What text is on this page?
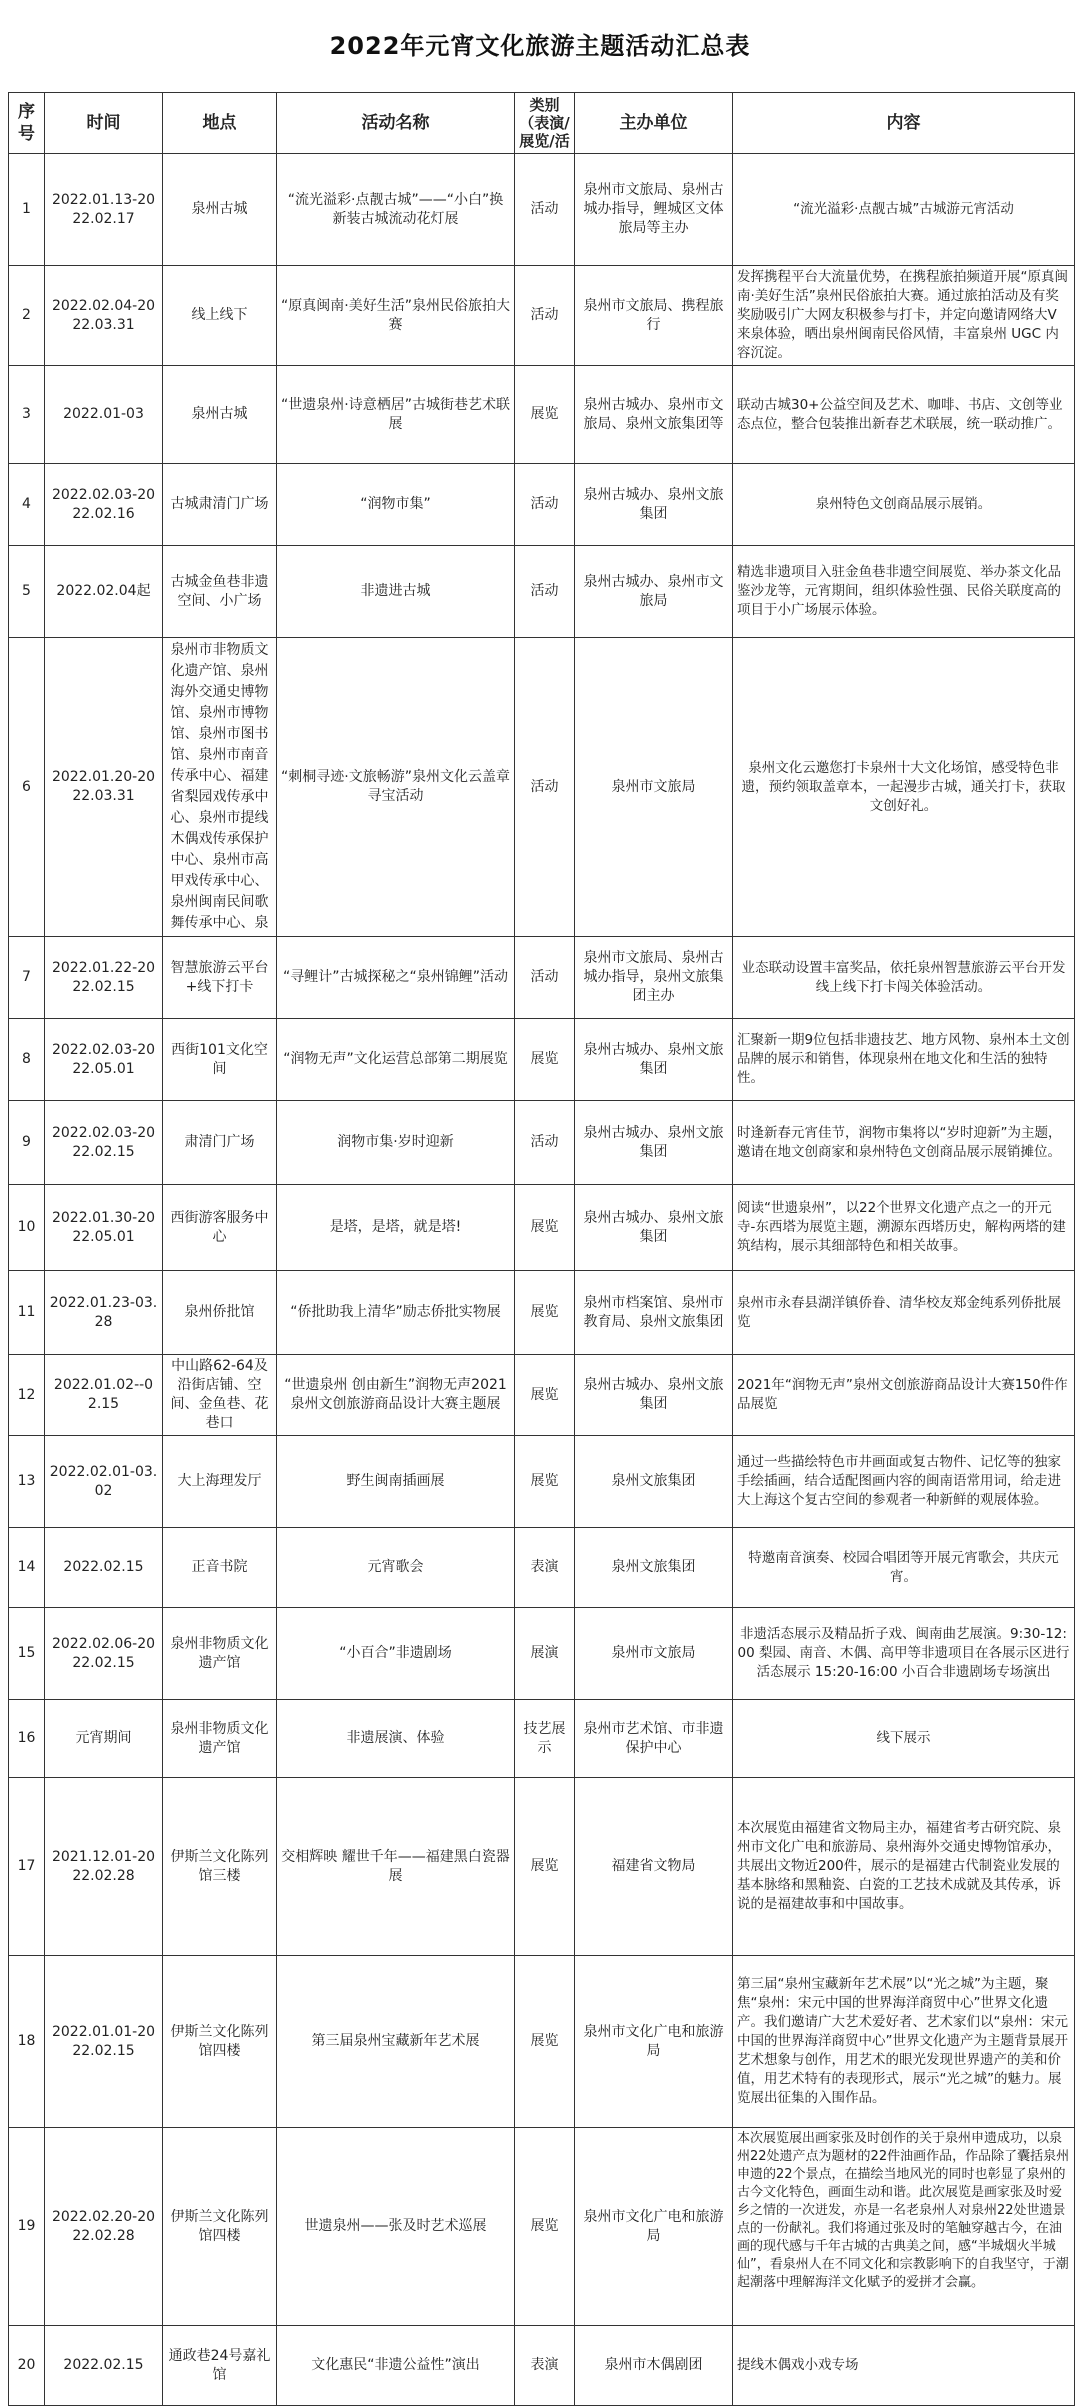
2022年元宵文化旅游主题活动汇总表
序号	时间	地点	活动名称	类别（表演/展览/活	主办单位	内容
1	2022.01.13-2022.02.17	泉州古城	“流光溢彩·点靓古城”——“小白”换新装古城流动花灯展	活动	泉州市文旅局、泉州古城办指导，鲤城区文体旅局等主办	“流光溢彩·点靓古城”古城游元宵活动
2	2022.02.04-2022.03.31	线上线下	“原真闽南·美好生活”泉州民俗旅拍大赛	活动	泉州市文旅局、携程旅行	发挥携程平台大流量优势，在携程旅拍频道开展“原真闽南·美好生活”泉州民俗旅拍大赛。通过旅拍活动及有奖奖励吸引广大网友积极参与打卡，并定向邀请网络大V来泉体验，晒出泉州闽南民俗风情，丰富泉州 UGC 内容沉淀。
3	2022.01-03	泉州古城	“世遗泉州·诗意栖居”古城街巷艺术联展	展览	泉州古城办、泉州市文旅局、泉州文旅集团等	联动古城30+公益空间及艺术、咖啡、书店、文创等业态点位，整合包装推出新春艺术联展，统一联动推广。
4	2022.02.03-2022.02.16	古城肃清门广场	“润物市集”	活动	泉州古城办、泉州文旅集团	泉州特色文创商品展示展销。
5	2022.02.04起	古城金鱼巷非遗空间、小广场	非遗进古城	活动	泉州古城办、泉州市文旅局	精选非遗项目入驻金鱼巷非遗空间展览、举办茶文化品鉴沙龙等，元宵期间，组织体验性强、民俗关联度高的项目于小广场展示体验。
6	2022.01.20-2022.03.31	泉州市非物质文化遗产馆、泉州海外交通史博物馆、泉州市博物馆、泉州市图书馆、泉州市南音传承中心、福建省梨园戏传承中心、泉州市提线木偶戏传承保护中心、泉州市高甲戏传承中心、泉州闽南民间歌舞传承中心、泉	“刺桐寻迹·文旅畅游”泉州文化云盖章寻宝活动	活动	泉州市文旅局	泉州文化云邀您打卡泉州十大文化场馆，感受特色非遗，预约领取盖章本，一起漫步古城，通关打卡，获取文创好礼。
7	2022.01.22-2022.02.15	智慧旅游云平台+线下打卡	“寻鲤计”古城探秘之“泉州锦鲤”活动	活动	泉州市文旅局、泉州古城办指导，泉州文旅集团主办	业态联动设置丰富奖品，依托泉州智慧旅游云平台开发线上线下打卡闯关体验活动。
8	2022.02.03-2022.05.01	西街101文化空间	“润物无声”文化运营总部第二期展览	展览	泉州古城办、泉州文旅集团	汇聚新一期9位包括非遗技艺、地方风物、泉州本土文创品牌的展示和销售，体现泉州在地文化和生活的独特性。
9	2022.02.03-2022.02.15	肃清门广场	润物市集·岁时迎新	活动	泉州古城办、泉州文旅集团	时逢新春元宵佳节，润物市集将以“岁时迎新”为主题，邀请在地文创商家和泉州特色文创商品展示展销摊位。
10	2022.01.30-2022.05.01	西街游客服务中心	是塔，是塔，就是塔!	展览	泉州古城办、泉州文旅集团	阅读“世遗泉州”，以22个世界文化遗产点之一的开元寺-东西塔为展览主题，溯源东西塔历史，解构两塔的建筑结构，展示其细部特色和相关故事。
11	2022.01.23-03.28	泉州侨批馆	“侨批助我上清华”励志侨批实物展	展览	泉州市档案馆、泉州市教育局、泉州文旅集团	泉州市永春县湖洋镇侨眷、清华校友郑金纯系列侨批展览
12	2022.01.02--02.15	中山路62-64及沿街店铺、空间、金鱼巷、花巷口	“世遗泉州 创由新生”润物无声2021泉州文创旅游商品设计大赛主题展	展览	泉州古城办、泉州文旅集团	2021年“润物无声”泉州文创旅游商品设计大赛150件作品展览
13	2022.02.01-03.02	大上海理发厅	野生闽南插画展	展览	泉州文旅集团	通过一些描绘特色市井画面或复古物件、记忆等的独家手绘插画，结合适配图画内容的闽南语常用词，给走进大上海这个复古空间的参观者一种新鲜的观展体验。
14	2022.02.15	正音书院	元宵歌会	表演	泉州文旅集团	特邀南音演奏、校园合唱团等开展元宵歌会，共庆元宵。
15	2022.02.06-2022.02.15	泉州非物质文化遗产馆	“小百合”非遗剧场	展演	泉州市文旅局	非遗活态展示及精品折子戏、闽南曲艺展演。9:30-12:00 梨园、南音、木偶、高甲等非遗项目在各展示区进行活态展示 15:20-16:00 小百合非遗剧场专场演出
16	元宵期间	泉州非物质文化遗产馆	非遗展演、体验	技艺展示	泉州市艺术馆、市非遗保护中心	线下展示
17	2021.12.01-2022.02.28	伊斯兰文化陈列馆三楼	交相辉映 耀世千年——福建黑白瓷器展	展览	福建省文物局	本次展览由福建省文物局主办，福建省考古研究院、泉州市文化广电和旅游局、泉州海外交通史博物馆承办，共展出文物近200件，展示的是福建古代制瓷业发展的基本脉络和黑釉瓷、白瓷的工艺技术成就及其传承，诉说的是福建故事和中国故事。
18	2022.01.01-2022.02.15	伊斯兰文化陈列馆四楼	第三届泉州宝藏新年艺术展	展览	泉州市文化广电和旅游局	第三届“泉州宝藏新年艺术展”以“光之城”为主题，聚焦“泉州：宋元中国的世界海洋商贸中心”世界文化遗产。我们邀请广大艺术爱好者、艺术家们以“泉州：宋元中国的世界海洋商贸中心”世界文化遗产为主题背景展开艺术想象与创作，用艺术的眼光发现世界遗产的美和价值，用艺术特有的表现形式，展示“光之城”的魅力。展览展出征集的入围作品。
19	2022.02.20-2022.02.28	伊斯兰文化陈列馆四楼	世遗泉州——张及时艺术巡展	展览	泉州市文化广电和旅游局	本次展览展出画家张及时创作的关于泉州申遗成功，以泉州22处遗产点为题材的22件油画作品，作品除了囊括泉州申遗的22个景点，在描绘当地风光的同时也彰显了泉州的古今文化特色，画面生动和谐。此次展览是画家张及时爱乡之情的一次迸发，亦是一名老泉州人对泉州22处世遗景点的一份献礼。我们将通过张及时的笔触穿越古今，在油画的现代感与千年古城的古典美之间，感“半城烟火半城仙”，看泉州人在不同文化和宗教影响下的自我坚守，于潮起潮落中理解海洋文化赋予的爱拼才会赢。
20	2022.02.15	通政巷24号嘉礼馆	文化惠民“非遗公益性”演出	表演	泉州市木偶剧团	提线木偶戏小戏专场
